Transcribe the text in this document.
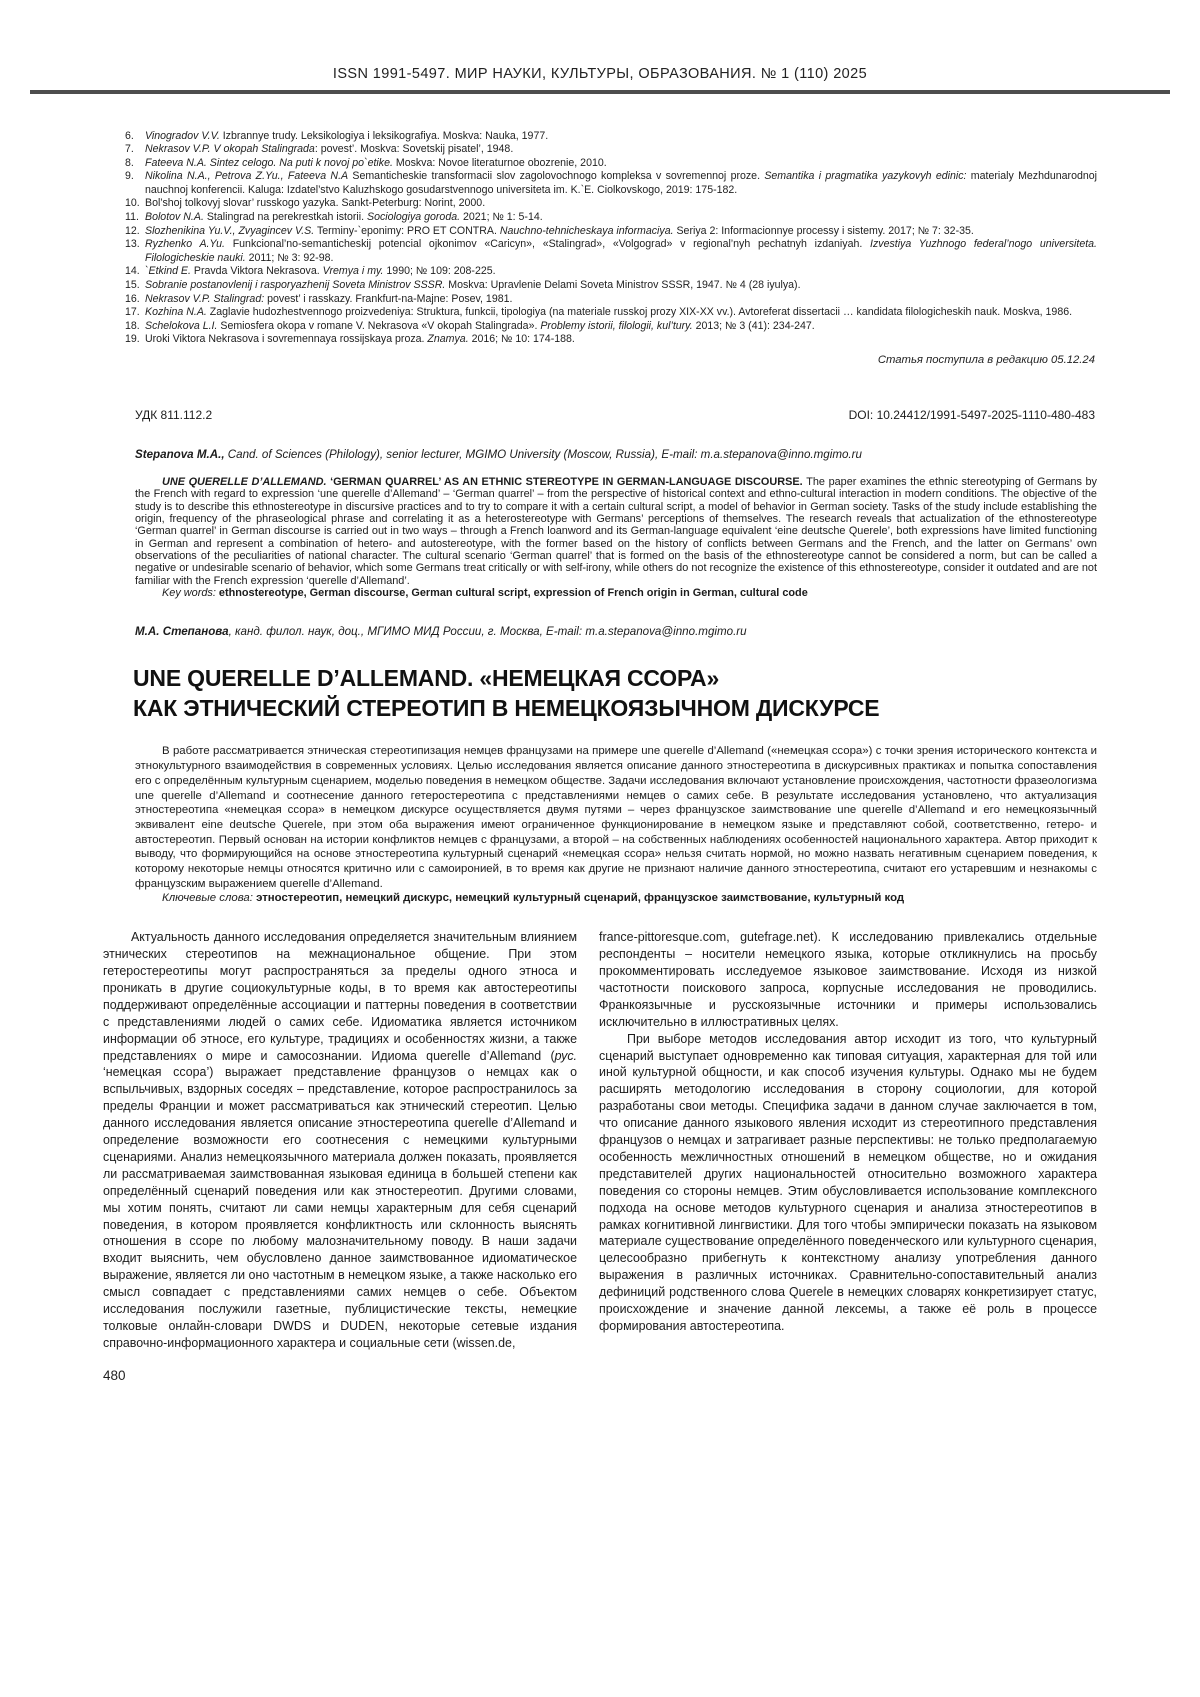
ISSN 1991-5497. МИР НАУКИ, КУЛЬТУРЫ, ОБРАЗОВАНИЯ. № 1 (110) 2025
6.	Vinogradov V.V. Izbrannye trudy. Leksikologiya i leksikografiya. Moskva: Nauka, 1977.
7.	Nekrasov V.P. V okopah Stalingrada: povest’. Moskva: Sovetskij pisatel’, 1948.
8.	Fateeva N.A. Sintez celogo. Na puti k novoj po`etike. Moskva: Novoe literaturnoe obozrenie, 2010.
9.	Nikolina N.A., Petrova Z.Yu., Fateeva N.A Semanticheskie transformacii slov zagolovochnogo kompleksa v sovremennoj proze. Semantika i pragmatika yazykovyh edinic: materialy Mezhdunarodnoj nauchnoj konferencii. Kaluga: Izdatel’stvo Kaluzhskogo gosudarstvennogo universiteta im. K.`E. Ciolkovskogo, 2019: 175-182.
10. Bol’shoj tolkovyj slovar’ russkogo yazyka. Sankt-Peterburg: Norint, 2000.
11. Bolotov N.A. Stalingrad na perekrestkah istorii. Sociologiya goroda. 2021; № 1: 5-14.
12. Slozhenikina Yu.V., Zvyagincev V.S. Terminy-`eponimy: PRO ET CONTRA. Nauchno-tehnicheskaya informaciya. Seriya 2: Informacionnye processy i sistemy. 2017; № 7: 32-35.
13. Ryzhenko A.Yu. Funkcional’no-semanticheskij potencial ojkonimov «Caricyn», «Stalingrad», «Volgograd» v regional’nyh pechatnyh izdaniyah. Izvestiya Yuzhnogo federal’nogo universiteta. Filologicheskie nauki. 2011; № 3: 92-98.
14. `Etkind E. Pravda Viktora Nekrasova. Vremya i my. 1990; № 109: 208-225.
15. Sobranie postanovlenij i rasporyazhenij Soveta Ministrov SSSR. Moskva: Upravlenie Delami Soveta Ministrov SSSR, 1947. № 4 (28 iyulya).
16. Nekrasov V.P. Stalingrad: povest’ i rasskazy. Frankfurt-na-Majne: Posev, 1981.
17. Kozhina N.A. Zaglavie hudozhestvennogo proizvedeniya: Struktura, funkcii, tipologiya (na materiale russkoj prozy XIX-XX vv.). Avtoreferat dissertacii … kandidata filologicheskih nauk. Moskva, 1986.
18. Schelokova L.I. Semiosfera okopa v romane V. Nekrasova «V okopah Stalingrada». Problemy istorii, filologii, kul’tury. 2013; № 3 (41): 234-247.
19. Uroki Viktora Nekrasova i sovremennaya rossijskaya proza. Znamya. 2016; № 10: 174-188.
Статья поступила в редакцию 05.12.24
УДК 811.112.2	DOI: 10.24412/1991-5497-2025-1110-480-483
Stepanova M.A., Cand. of Sciences (Philology), senior lecturer, MGIMO University (Moscow, Russia), E-mail: m.a.stepanova@inno.mgimo.ru
UNE QUERELLE D’ALLEMAND. ‘GERMAN QUARREL’ AS AN ETHNIC STEREOTYPE IN GERMAN-LANGUAGE DISCOURSE. The paper examines the ethnic stereotyping of Germans by the French with regard to expression ‘une querelle d’Allemand’ – ‘German quarrel’ – from the perspective of historical context and ethno-cultural interaction in modern conditions. The objective of the study is to describe this ethnostereotype in discursive practices and to try to compare it with a certain cultural script, a model of behavior in German society. Tasks of the study include establishing the origin, frequency of the phraseological phrase and correlating it as a heterostereotype with Germans’ perceptions of themselves. The research reveals that actualization of the ethnostereotype ‘German quarrel’ in German discourse is carried out in two ways – through a French loanword and its German-language equivalent ‘eine deutsche Querele’, both expressions have limited functioning in German and represent a combination of hetero- and autostereotype, with the former based on the history of conflicts between Germans and the French, and the latter on Germans’ own observations of the peculiarities of national character. The cultural scenario ‘German quarrel’ that is formed on the basis of the ethnostereotype cannot be considered a norm, but can be called a negative or undesirable scenario of behavior, which some Germans treat critically or with self-irony, while others do not recognize the existence of this ethnostereotype, consider it outdated and are not familiar with the French expression ‘querelle d’Allemand’.
Key words: ethnostereotype, German discourse, German cultural script, expression of French origin in German, cultural code
М.А. Степанова, канд. филол. наук, доц., МГИМО МИД России, г. Москва, E-mail: m.a.stepanova@inno.mgimo.ru
UNE QUERELLE D’ALLEMAND. «НЕМЕЦКАЯ ССОРА»
КАК ЭТНИЧЕСКИЙ СТЕРЕОТИП В НЕМЕЦКОЯЗЫЧНОМ ДИСКУРСЕ
В работе рассматривается этническая стереотипизация немцев французами на примере une querelle d’Allemand («немецкая ссора») с точки зрения исторического контекста и этнокультурного взаимодействия в современных условиях. Целью исследования является описание данного этностереотипа в дискурсивных практиках и попытка сопоставления его с определённым культурным сценарием, моделью поведения в немецком обществе. Задачи исследования включают установление происхождения, частотности фразеологизма une querelle d’Allemand и соотнесение данного гетеростереотипа с представлениями немцев о самих себе. В результате исследования установлено, что актуализация этностереотипа «немецкая ссора» в немецком дискурсе осуществляется двумя путями – через французское заимствование une querelle d’Allemand и его немецкоязычный эквивалент eine deutsche Querele, при этом оба выражения имеют ограниченное функционирование в немецком языке и представляют собой, соответственно, гетеро- и автостереотип. Первый основан на истории конфликтов немцев с французами, а второй – на собственных наблюдениях особенностей национального характера. Автор приходит к выводу, что формирующийся на основе этностереотипа культурный сценарий «немецкая ссора» нельзя считать нормой, но можно назвать негативным сценарием поведения, к которому некоторые немцы относятся критично или с самоиронией, в то время как другие не признают наличие данного этностереотипа, считают его устаревшим и незнакомы с французским выражением querelle d’Allemand.
Ключевые слова: этностереотип, немецкий дискурс, немецкий культурный сценарий, французское заимствование, культурный код
Актуальность данного исследования определяется значительным влиянием этнических стереотипов на межнациональное общение. При этом гетеростереотипы могут распространяться за пределы одного этноса и проникать в другие социокультурные коды, в то время как автостереотипы поддерживают определённые ассоциации и паттерны поведения в соответствии с представлениями людей о самих себе. Идиоматика является источником информации об этносе, его культуре, традициях и особенностях жизни, а также представлениях о мире и самосознании. Идиома querelle d’Allemand (рус. ‘немецкая ссора’) выражает представление французов о немцах как о вспыльчивых, вздорных соседях – представление, которое распространилось за пределы Франции и может рассматриваться как этнический стереотип. Целью данного исследования является описание этностереотипа querelle d’Allemand и определение возможности его соотнесения с немецкими культурными сценариями. Анализ немецкоязычного материала должен показать, проявляется ли рассматриваемая заимствованная языковая единица в большей степени как определённый сценарий поведения или как этностереотип. Другими словами, мы хотим понять, считают ли сами немцы характерным для себя сценарий поведения, в котором проявляется конфликтность или склонность выяснять отношения в ссоре по любому малозначительному поводу. В наши задачи входит выяснить, чем обусловлено данное заимствованное идиоматическое выражение, является ли оно частотным в немецком языке, а также насколько его смысл совпадает с представлениями самих немцев о себе. Объектом исследования послужили газетные, публицистические тексты, немецкие толковые онлайн-словари DWDS и DUDEN, некоторые сетевые издания справочно-информационного характера и социальные сети (wissen.de,
france-pittoresque.com, gutefrage.net). К исследованию привлекались отдельные респонденты – носители немецкого языка, которые откликнулись на просьбу прокомментировать исследуемое языковое заимствование. Исходя из низкой частотности поискового запроса, корпусные исследования не проводились. Франкоязычные и русскоязычные источники и примеры использовались исключительно в иллюстративных целях.
При выборе методов исследования автор исходит из того, что культурный сценарий выступает одновременно как типовая ситуация, характерная для той или иной культурной общности, и как способ изучения культуры. Однако мы не будем расширять методологию исследования в сторону социологии, для которой разработаны свои методы. Специфика задачи в данном случае заключается в том, что описание данного языкового явления исходит из стереотипного представления французов о немцах и затрагивает разные перспективы: не только предполагаемую особенность межличностных отношений в немецком обществе, но и ожидания представителей других национальностей относительно возможного характера поведения со стороны немцев. Этим обусловливается использование комплексного подхода на основе методов культурного сценария и анализа этностереотипов в рамках когнитивной лингвистики. Для того чтобы эмпирически показать на языковом материале существование определённого поведенческого или культурного сценария, целесообразно прибегнуть к контекстному анализу употребления данного выражения в различных источниках. Сравнительно-сопоставительный анализ дефиниций родственного слова Querele в немецких словарях конкретизирует статус, происхождение и значение данной лексемы, а также её роль в процессе формирования автостереотипа.
480
